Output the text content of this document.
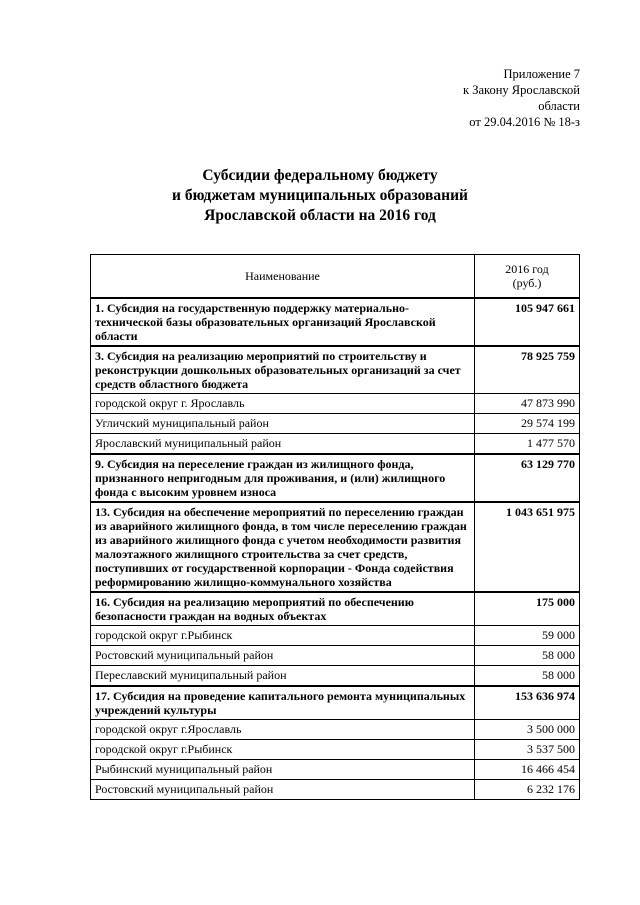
Приложение 7
к Закону Ярославской
области
от 29.04.2016 № 18-з
Субсидии федеральному бюджету
и бюджетам муниципальных образований
Ярославской области на 2016 год
Наименование	2016 год
(руб.)

1. Субсидия на государственную поддержку материально-технической базы образовательных организаций Ярославской области	105 947 661
3. Субсидия на реализацию мероприятий по строительству и реконструкции дошкольных образовательных организаций за счет средств областного бюджета	78 925 759
городской округ г. Ярославль	47 873 990
Угличский муниципальный район	29 574 199
Ярославский муниципальный район	1 477 570
9. Субсидия на переселение граждан из жилищного фонда, признанного непригодным для проживания, и (или) жилищного фонда с высоким уровнем износа	63 129 770
13. Субсидия на обеспечение мероприятий по переселению граждан из аварийного жилищного фонда, в том числе переселению граждан из аварийного жилищного фонда с учетом необходимости развития малоэтажного жилищного строительства за счет средств, поступивших от государственной корпорации - Фонда содействия реформированию жилищно-коммунального хозяйства	1 043 651 975
16. Субсидия на реализацию мероприятий по обеспечению безопасности граждан на водных объектах	175 000
городской округ г.Рыбинск	59 000
Ростовский муниципальный район	58 000
Переславский муниципальный район	58 000
17. Субсидия на проведение капитального ремонта муниципальных учреждений культуры	153 636 974
городской округ г.Ярославль	3 500 000
городской округ г.Рыбинск	3 537 500
Рыбинский муниципальный район	16 466 454
Ростовский муниципальный район	6 232 176
